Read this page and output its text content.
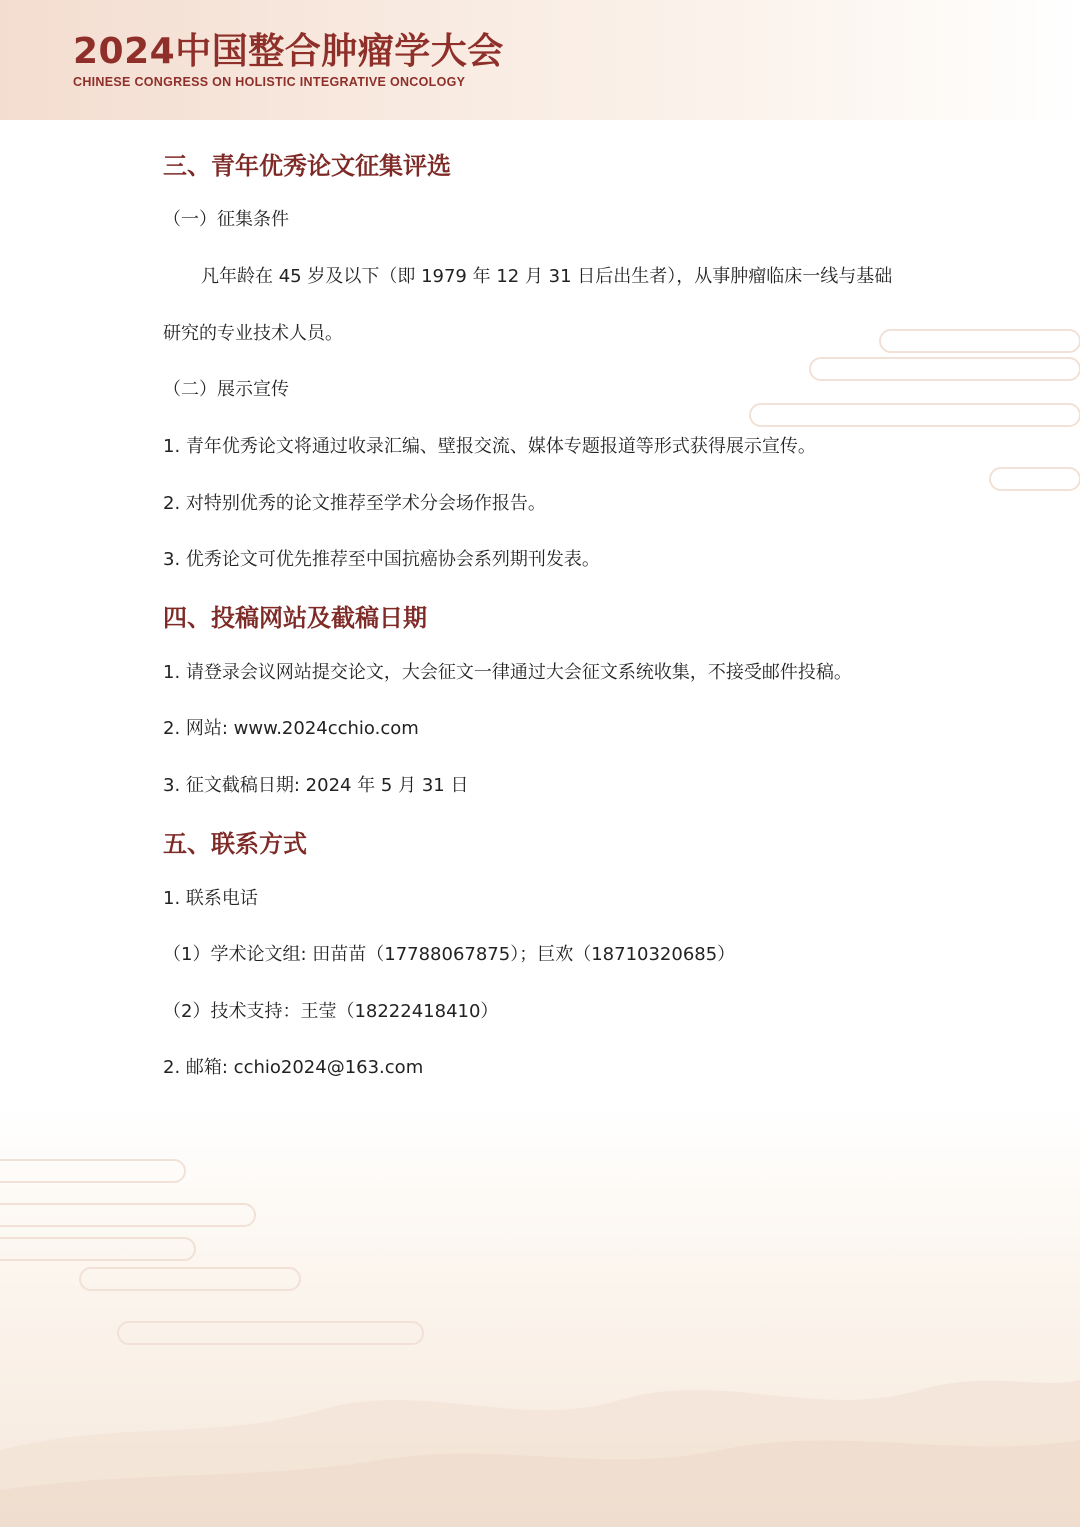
2024中国整合肿瘤学大会
CHINESE CONGRESS ON HOLISTIC INTEGRATIVE ONCOLOGY
三、青年优秀论文征集评选
（一）征集条件
凡年龄在 45 岁及以下（即 1979 年 12 月 31 日后出生者），从事肿瘤临床一线与基础
研究的专业技术人员。
（二）展示宣传
1. 青年优秀论文将通过收录汇编、壁报交流、媒体专题报道等形式获得展示宣传。
2. 对特别优秀的论文推荐至学术分会场作报告。
3. 优秀论文可优先推荐至中国抗癌协会系列期刊发表。
四、投稿网站及截稿日期
1. 请登录会议网站提交论文，大会征文一律通过大会征文系统收集，不接受邮件投稿。
2. 网站: www.2024cchio.com
3. 征文截稿日期: 2024 年 5 月 31 日
五、联系方式
1. 联系电话
（1）学术论文组: 田苗苗（17788067875）；巨欢（18710320685）
（2）技术支持：王莹（18222418410）
2. 邮箱: cchio2024@163.com
